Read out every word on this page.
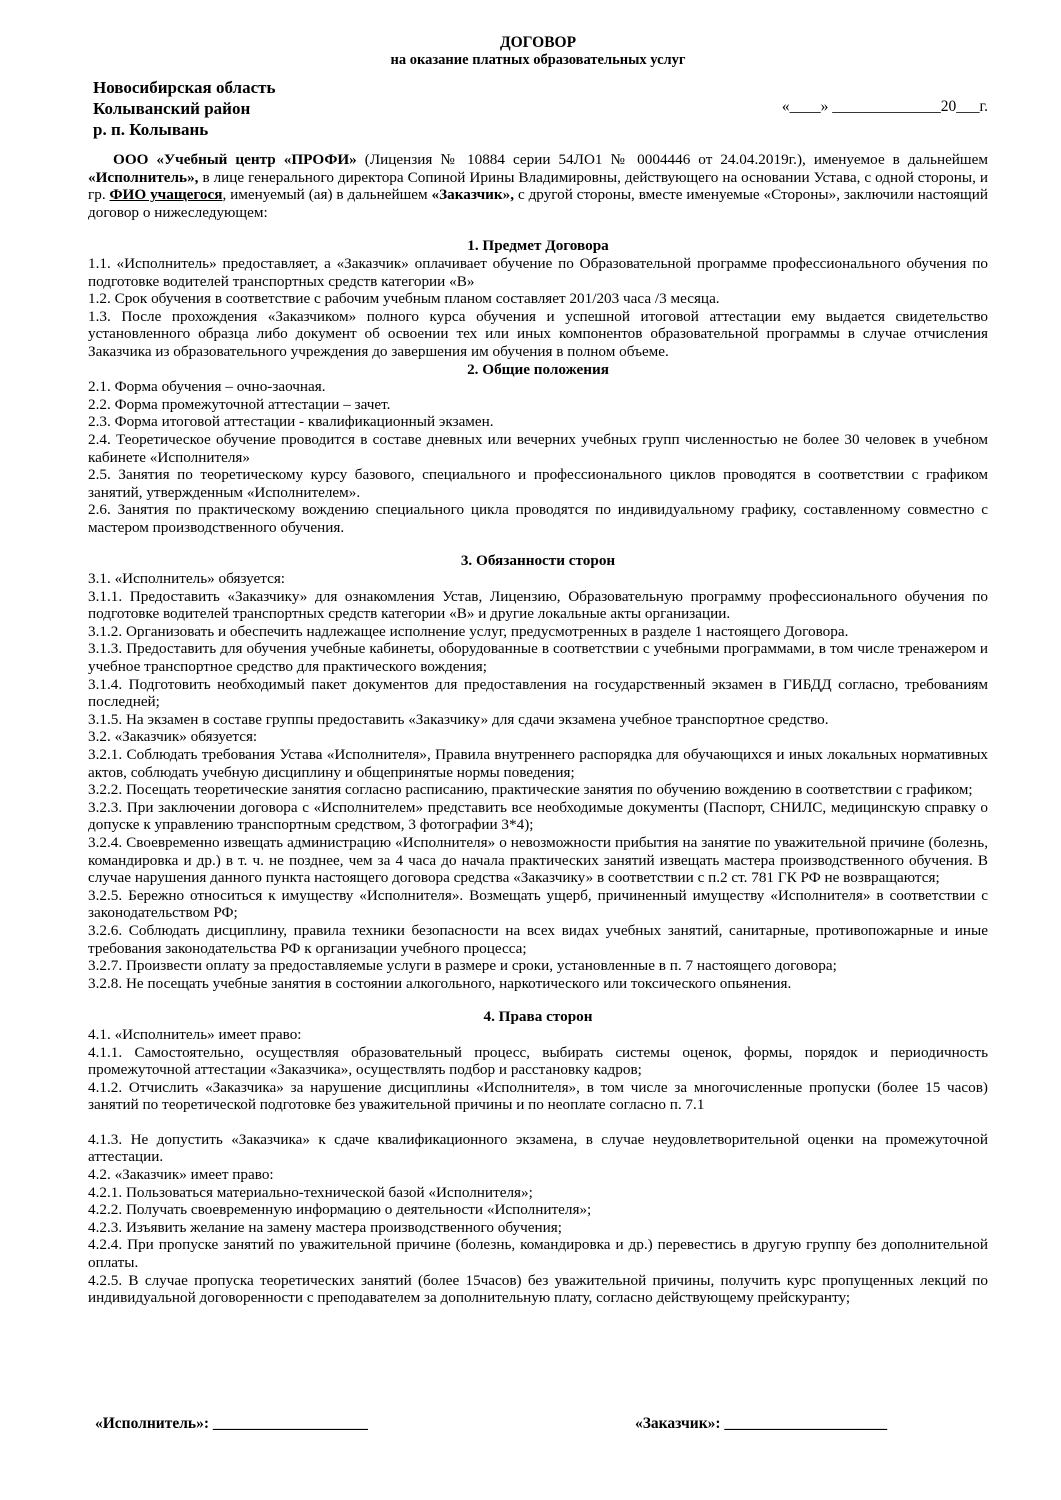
ДОГОВОР
на оказание платных образовательных услуг
Новосибирская область
Колыванский район
р. п. Колывань
«____» ______________20___г.

ООО «Учебный центр «ПРОФИ» (Лицензия № 10884 серии 54ЛО1 № 0004446 от 24.04.2019г.), именуемое в дальнейшем «Исполнитель», в лице генерального директора Сопиной Ирины Владимировны, действующего на основании Устава, с одной стороны, и гр. ФИО учащегося, именуемый (ая) в дальнейшем «Заказчик», с другой стороны, вместе именуемые «Стороны», заключили настоящий договор о нижеследующем:

1. Предмет Договора

1.1. «Исполнитель» предоставляет, а «Заказчик» оплачивает обучение по Образовательной программе профессионального обучения по подготовке водителей транспортных средств категории «В»

1.2. Срок обучения в соответствие с рабочим учебным планом составляет 201/203 часа /3 месяца.

1.3. После прохождения «Заказчиком» полного курса обучения и успешной итоговой аттестации ему выдается свидетельство установленного образца либо документ об освоении тех или иных компонентов образовательной программы в случае отчисления Заказчика из образовательного учреждения до завершения им обучения в полном объеме.

2. Общие положения

2.1. Форма обучения – очно-заочная.

2.2. Форма промежуточной аттестации – зачет.

2.3. Форма итоговой аттестации - квалификационный экзамен.

2.4. Теоретическое обучение проводится в составе дневных или вечерних учебных групп численностью не более 30 человек в учебном кабинете «Исполнителя»

2.5. Занятия по теоретическому курсу базового, специального и профессионального циклов проводятся в соответствии с графиком занятий, утвержденным «Исполнителем».

2.6. Занятия по практическому вождению специального цикла проводятся по индивидуальному графику, составленному совместно с мастером производственного обучения.

3. Обязанности сторон

3.1. «Исполнитель» обязуется:

3.1.1. Предоставить «Заказчику» для ознакомления Устав, Лицензию, Образовательную программу профессионального обучения по подготовке водителей транспортных средств категории «В» и другие локальные акты организации.

3.1.2. Организовать и обеспечить надлежащее исполнение услуг, предусмотренных в разделе 1 настоящего Договора.

3.1.3. Предоставить для обучения учебные кабинеты, оборудованные в соответствии с учебными программами, в том числе тренажером и учебное транспортное средство для практического вождения;

3.1.4. Подготовить необходимый пакет документов для предоставления на государственный экзамен в ГИБДД согласно, требованиям последней;

3.1.5. На экзамен в составе группы предоставить «Заказчику» для сдачи экзамена учебное транспортное средство.

3.2. «Заказчик» обязуется:

3.2.1. Соблюдать требования Устава «Исполнителя», Правила внутреннего распорядка для обучающихся и иных локальных нормативных актов, соблюдать учебную дисциплину и общепринятые нормы поведения;

3.2.2. Посещать теоретические занятия согласно расписанию, практические занятия по обучению вождению в соответствии с графиком;

3.2.3. При заключении договора с «Исполнителем» представить все необходимые документы (Паспорт, СНИЛС, медицинскую справку о допуске к управлению транспортным средством, 3 фотографии 3*4);

3.2.4. Своевременно извещать администрацию «Исполнителя» о невозможности прибытия на занятие по уважительной причине (болезнь, командировка и др.) в т. ч. не позднее, чем за 4 часа до начала практических занятий извещать мастера производственного обучения. В случае нарушения данного пункта настоящего договора средства «Заказчику» в соответствии с п.2 ст. 781 ГК РФ не возвращаются;

3.2.5. Бережно относиться к имуществу «Исполнителя». Возмещать ущерб, причиненный имуществу «Исполнителя» в соответствии с законодательством РФ;

3.2.6. Соблюдать дисциплину, правила техники безопасности на всех видах учебных занятий, санитарные, противопожарные и иные требования законодательства РФ к организации учебного процесса;

3.2.7. Произвести оплату за предоставляемые услуги в размере и сроки, установленные в п. 7 настоящего договора;

3.2.8. Не посещать учебные занятия в состоянии алкогольного, наркотического или токсического опьянения.

4. Права сторон

4.1. «Исполнитель» имеет право:

4.1.1. Самостоятельно, осуществляя образовательный процесс, выбирать системы оценок, формы, порядок и периодичность промежуточной аттестации «Заказчика», осуществлять подбор и расстановку кадров;

4.1.2. Отчислить «Заказчика» за нарушение дисциплины «Исполнителя», в том числе за многочисленные пропуски (более 15 часов) занятий по теоретической подготовке без уважительной причины и по неоплате согласно п. 7.1

4.1.3. Не допустить «Заказчика» к сдаче квалификационного экзамена, в случае неудовлетворительной оценки на промежуточной аттестации.

4.2. «Заказчик» имеет право:

4.2.1. Пользоваться материально-технической базой «Исполнителя»;

4.2.2. Получать своевременную информацию о деятельности «Исполнителя»;

4.2.3. Изъявить желание на замену мастера производственного обучения;

4.2.4. При пропуске занятий по уважительной причине (болезнь, командировка и др.) перевестись в другую группу без дополнительной оплаты.

4.2.5. В случае пропуска теоретических занятий (более 15часов) без уважительной причины, получить курс пропущенных лекций по индивидуальной договоренности с преподавателем за дополнительную плату, согласно действующему прейскуранту;

«Исполнитель»: ____________________	«Заказчик»: _____________________
